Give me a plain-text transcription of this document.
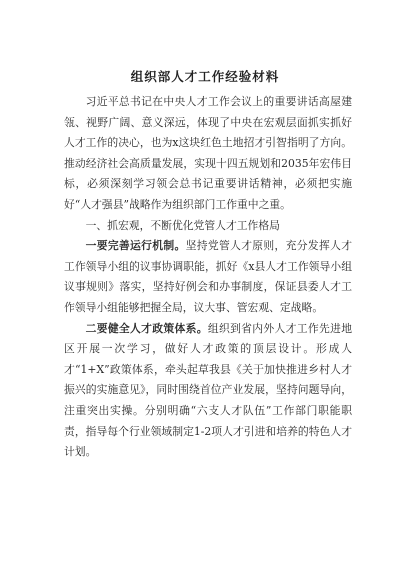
组织部人才工作经验材料

习近平总书记在中央人才工作会议上的重要讲话高屋建瓴、视野广阔、意义深远，体现了中央在宏观层面抓实抓好人才工作的决心，也为x这块红色土地招才引智指明了方向。推动经济社会高质量发展，实现十四五规划和2035年宏伟目标，必须深刻学习领会总书记重要讲话精神，必须把实施好“人才强县”战略作为组织部门工作重中之重。

一、抓宏观，不断优化党管人才工作格局

一要完善运行机制。坚持党管人才原则，充分发挥人才工作领导小组的议事协调职能，抓好《x县人才工作领导小组议事规则》落实，坚持好例会和办事制度，保证县委人才工作领导小组能够把握全局，议大事、管宏观、定战略。

二要健全人才政策体系。组织到省内外人才工作先进地区开展一次学习，做好人才政策的顶层设计。形成人才“1+X”政策体系，牵头起草我县《关于加快推进乡村人才振兴的实施意见》，同时围绕首位产业发展，坚持问题导向，注重突出实操。分别明确“六支人才队伍”工作部门职能职责，指导每个行业领域制定1-2项人才引进和培养的特色人才计划。
